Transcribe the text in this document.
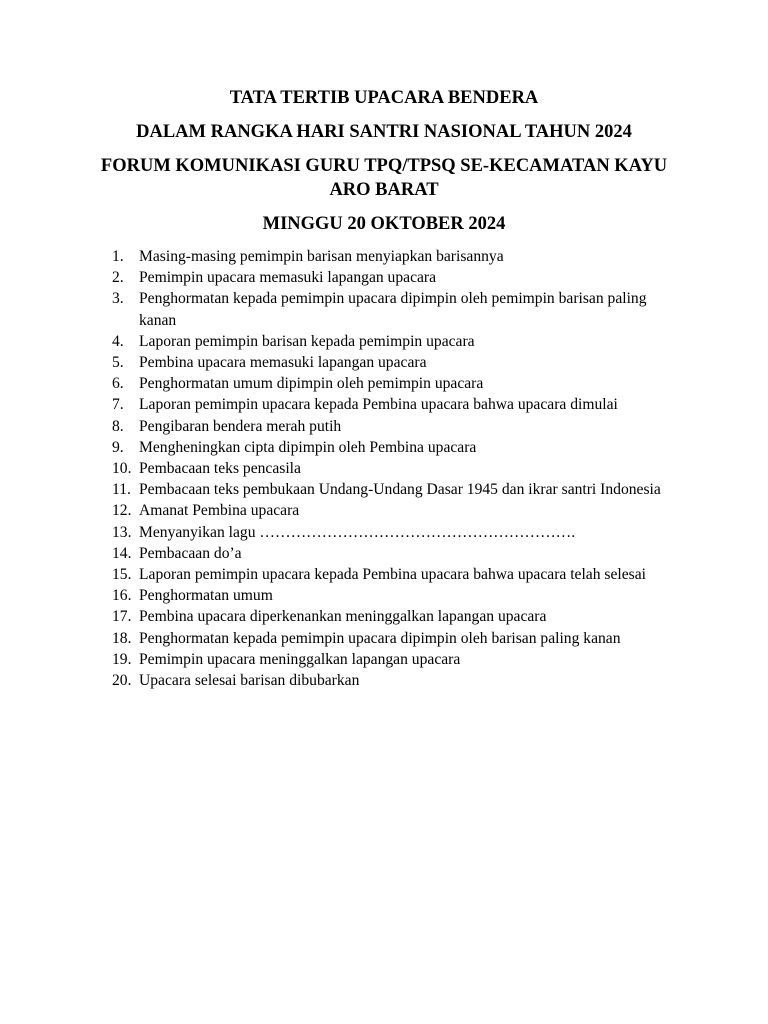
TATA TERTIB UPACARA BENDERA
DALAM RANGKA HARI SANTRI NASIONAL TAHUN 2024
FORUM KOMUNIKASI GURU TPQ/TPSQ SE-KECAMATAN KAYU ARO BARAT
MINGGU 20 OKTOBER 2024
1. Masing-masing pemimpin barisan menyiapkan barisannya
2. Pemimpin upacara memasuki lapangan upacara
3. Penghormatan kepada pemimpin upacara dipimpin oleh pemimpin barisan paling kanan
4. Laporan pemimpin barisan kepada pemimpin upacara
5. Pembina upacara memasuki lapangan upacara
6. Penghormatan umum dipimpin oleh pemimpin upacara
7. Laporan pemimpin upacara kepada Pembina upacara bahwa upacara dimulai
8. Pengibaran bendera merah putih
9. Mengheningkan cipta dipimpin oleh Pembina upacara
10. Pembacaan teks pencasila
11. Pembacaan teks pembukaan Undang-Undang Dasar 1945 dan ikrar santri Indonesia
12. Amanat Pembina upacara
13. Menyanyikan lagu …………………………………………………….
14. Pembacaan do’a
15. Laporan pemimpin upacara kepada Pembina upacara bahwa upacara telah selesai
16. Penghormatan umum
17. Pembina upacara diperkenankan meninggalkan lapangan upacara
18. Penghormatan kepada pemimpin upacara dipimpin oleh barisan paling kanan
19. Pemimpin upacara meninggalkan lapangan upacara
20. Upacara selesai barisan dibubarkan
